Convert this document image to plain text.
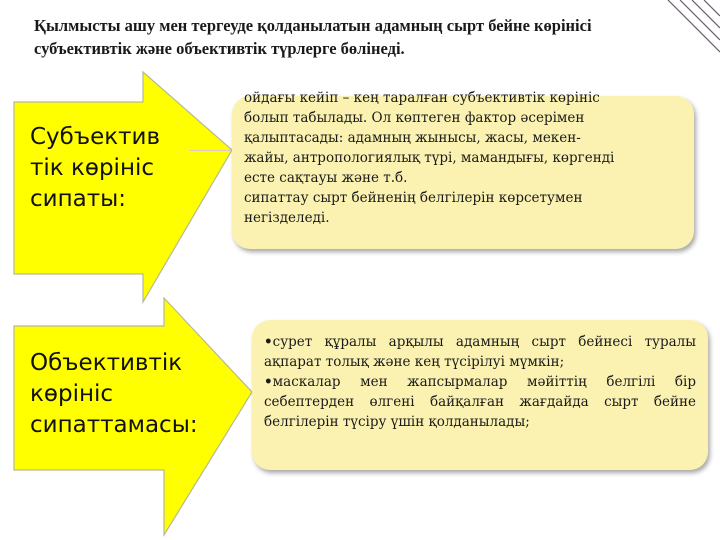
Қылмысты ашу мен тергеуде қолданылатын адамның сырт бейне көрінісі субъективтік және объективтік түрлерге бөлінеді.

Субъектив
тік көрініс
сипаты:

Объективтік
көрініс
сипаттамасы:

ойдағы кейіп – кең таралған субъективтік көрініс
болып табылады. Ол көптеген фактор әсерімен
қалыптасады: адамның жынысы, жасы, мекен-
жайы, антропологиялық түрі, мамандығы, көргенді
есте сақтауы және т.б.
сипаттау сырт бейненің белгілерін көрсетумен
негізделеді.
•сурет құралы арқылы адамның сырт бейнесі туралы ақпарат толық және кең түсірілуі мүмкін;
•маскалар мен жапсырмалар мәйіттің белгілі бір себептерден өлгені байқалған жағдайда сырт бейне белгілерін түсіру үшін қолданылады;
